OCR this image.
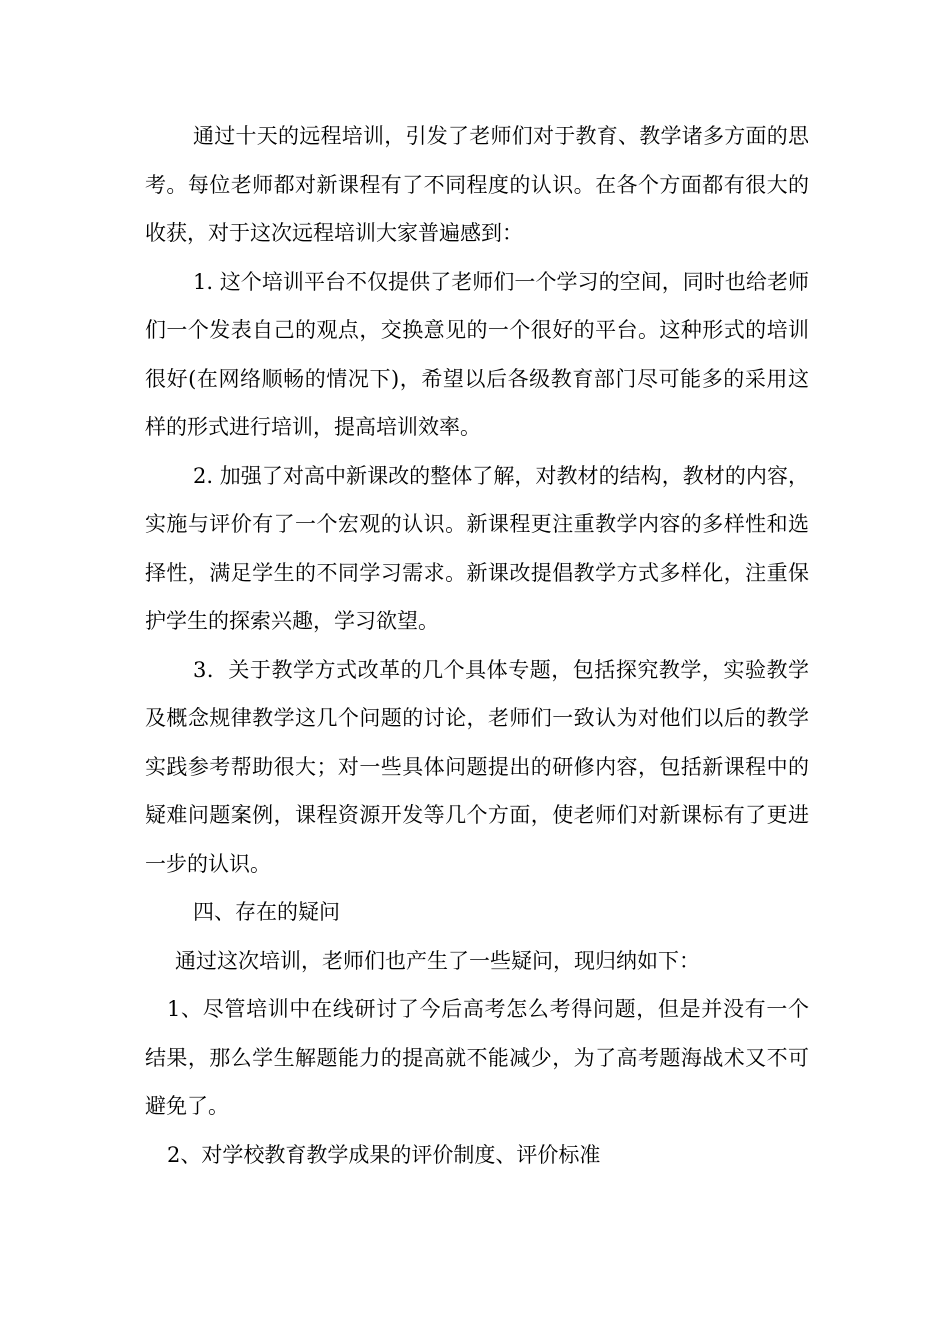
通过十天的远程培训，引发了老师们对于教育、教学诸多方面的思考。每位老师都对新课程有了不同程度的认识。在各个方面都有很大的收获，对于这次远程培训大家普遍感到：

1. 这个培训平台不仅提供了老师们一个学习的空间，同时也给老师们一个发表自己的观点，交换意见的一个很好的平台。这种形式的培训很好(在网络顺畅的情况下)，希望以后各级教育部门尽可能多的采用这样的形式进行培训，提高培训效率。

2. 加强了对高中新课改的整体了解，对教材的结构，教材的内容，实施与评价有了一个宏观的认识。新课程更注重教学内容的多样性和选择性，满足学生的不同学习需求。新课改提倡教学方式多样化，注重保护学生的探索兴趣，学习欲望。

3．关于教学方式改革的几个具体专题，包括探究教学，实验教学及概念规律教学这几个问题的讨论，老师们一致认为对他们以后的教学实践参考帮助很大；对一些具体问题提出的研修内容，包括新课程中的疑难问题案例，课程资源开发等几个方面，使老师们对新课标有了更进一步的认识。

四、存在的疑问

通过这次培训，老师们也产生了一些疑问，现归纳如下：

1、尽管培训中在线研讨了今后高考怎么考得问题，但是并没有一个结果，那么学生解题能力的提高就不能减少，为了高考题海战术又不可避免了。

2、对学校教育教学成果的评价制度、评价标准
